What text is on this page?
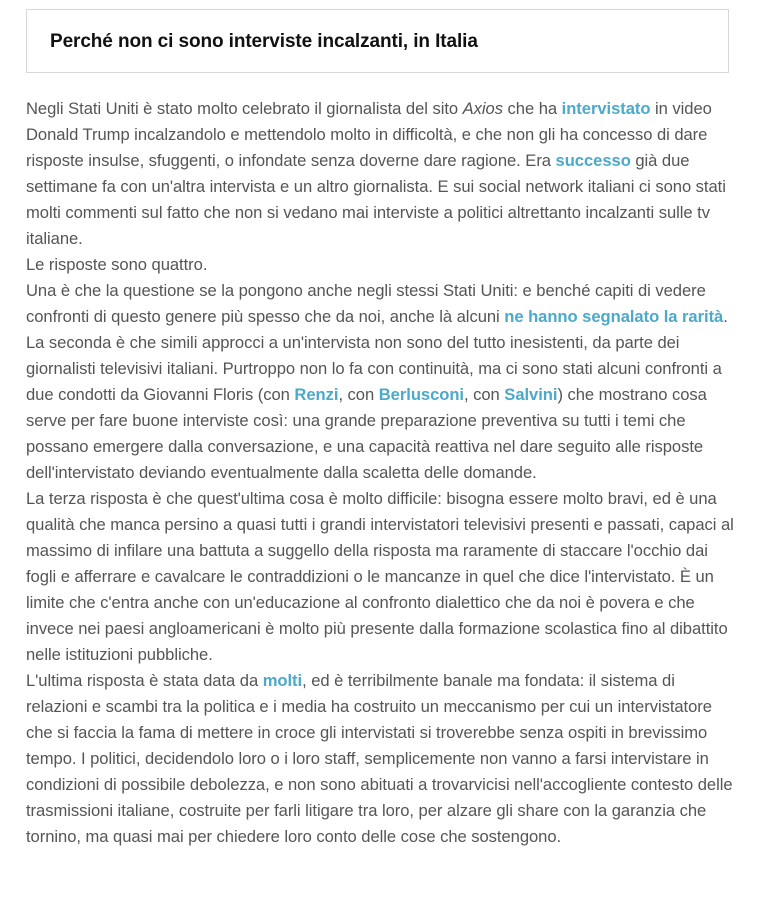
Perché non ci sono interviste incalzanti, in Italia

Negli Stati Uniti è stato molto celebrato il giornalista del sito Axios che ha intervistato in video Donald Trump incalzandolo e mettendolo molto in difficoltà, e che non gli ha concesso di dare risposte insulse, sfuggenti, o infondate senza doverne dare ragione. Era successo già due settimane fa con un'altra intervista e un altro giornalista. E sui social network italiani ci sono stati molti commenti sul fatto che non si vedano mai interviste a politici altrettanto incalzanti sulle tv italiane.

Le risposte sono quattro.

Una è che la questione se la pongono anche negli stessi Stati Uniti: e benché capiti di vedere confronti di questo genere più spesso che da noi, anche là alcuni ne hanno segnalato la rarità.

La seconda è che simili approcci a un'intervista non sono del tutto inesistenti, da parte dei giornalisti televisivi italiani. Purtroppo non lo fa con continuità, ma ci sono stati alcuni confronti a due condotti da Giovanni Floris (con Renzi, con Berlusconi, con Salvini) che mostrano cosa serve per fare buone interviste così: una grande preparazione preventiva su tutti i temi che possano emergere dalla conversazione, e una capacità reattiva nel dare seguito alle risposte dell'intervistato deviando eventualmente dalla scaletta delle domande.

La terza risposta è che quest'ultima cosa è molto difficile: bisogna essere molto bravi, ed è una qualità che manca persino a quasi tutti i grandi intervistatori televisivi presenti e passati, capaci al massimo di infilare una battuta a suggello della risposta ma raramente di staccare l'occhio dai fogli e afferrare e cavalcare le contraddizioni o le mancanze in quel che dice l'intervistato. È un limite che c'entra anche con un'educazione al confronto dialettico che da noi è povera e che invece nei paesi angloamericani è molto più presente dalla formazione scolastica fino al dibattito nelle istituzioni pubbliche.

L'ultima risposta è stata data da molti, ed è terribilmente banale ma fondata: il sistema di relazioni e scambi tra la politica e i media ha costruito un meccanismo per cui un intervistatore che si faccia la fama di mettere in croce gli intervistati si troverebbe senza ospiti in brevissimo tempo. I politici, decidendolo loro o i loro staff, semplicemente non vanno a farsi intervistare in condizioni di possibile debolezza, e non sono abituati a trovarvicisi nell'accogliente contesto delle trasmissioni italiane, costruite per farli litigare tra loro, per alzare gli share con la garanzia che tornino, ma quasi mai per chiedere loro conto delle cose che sostengono.
